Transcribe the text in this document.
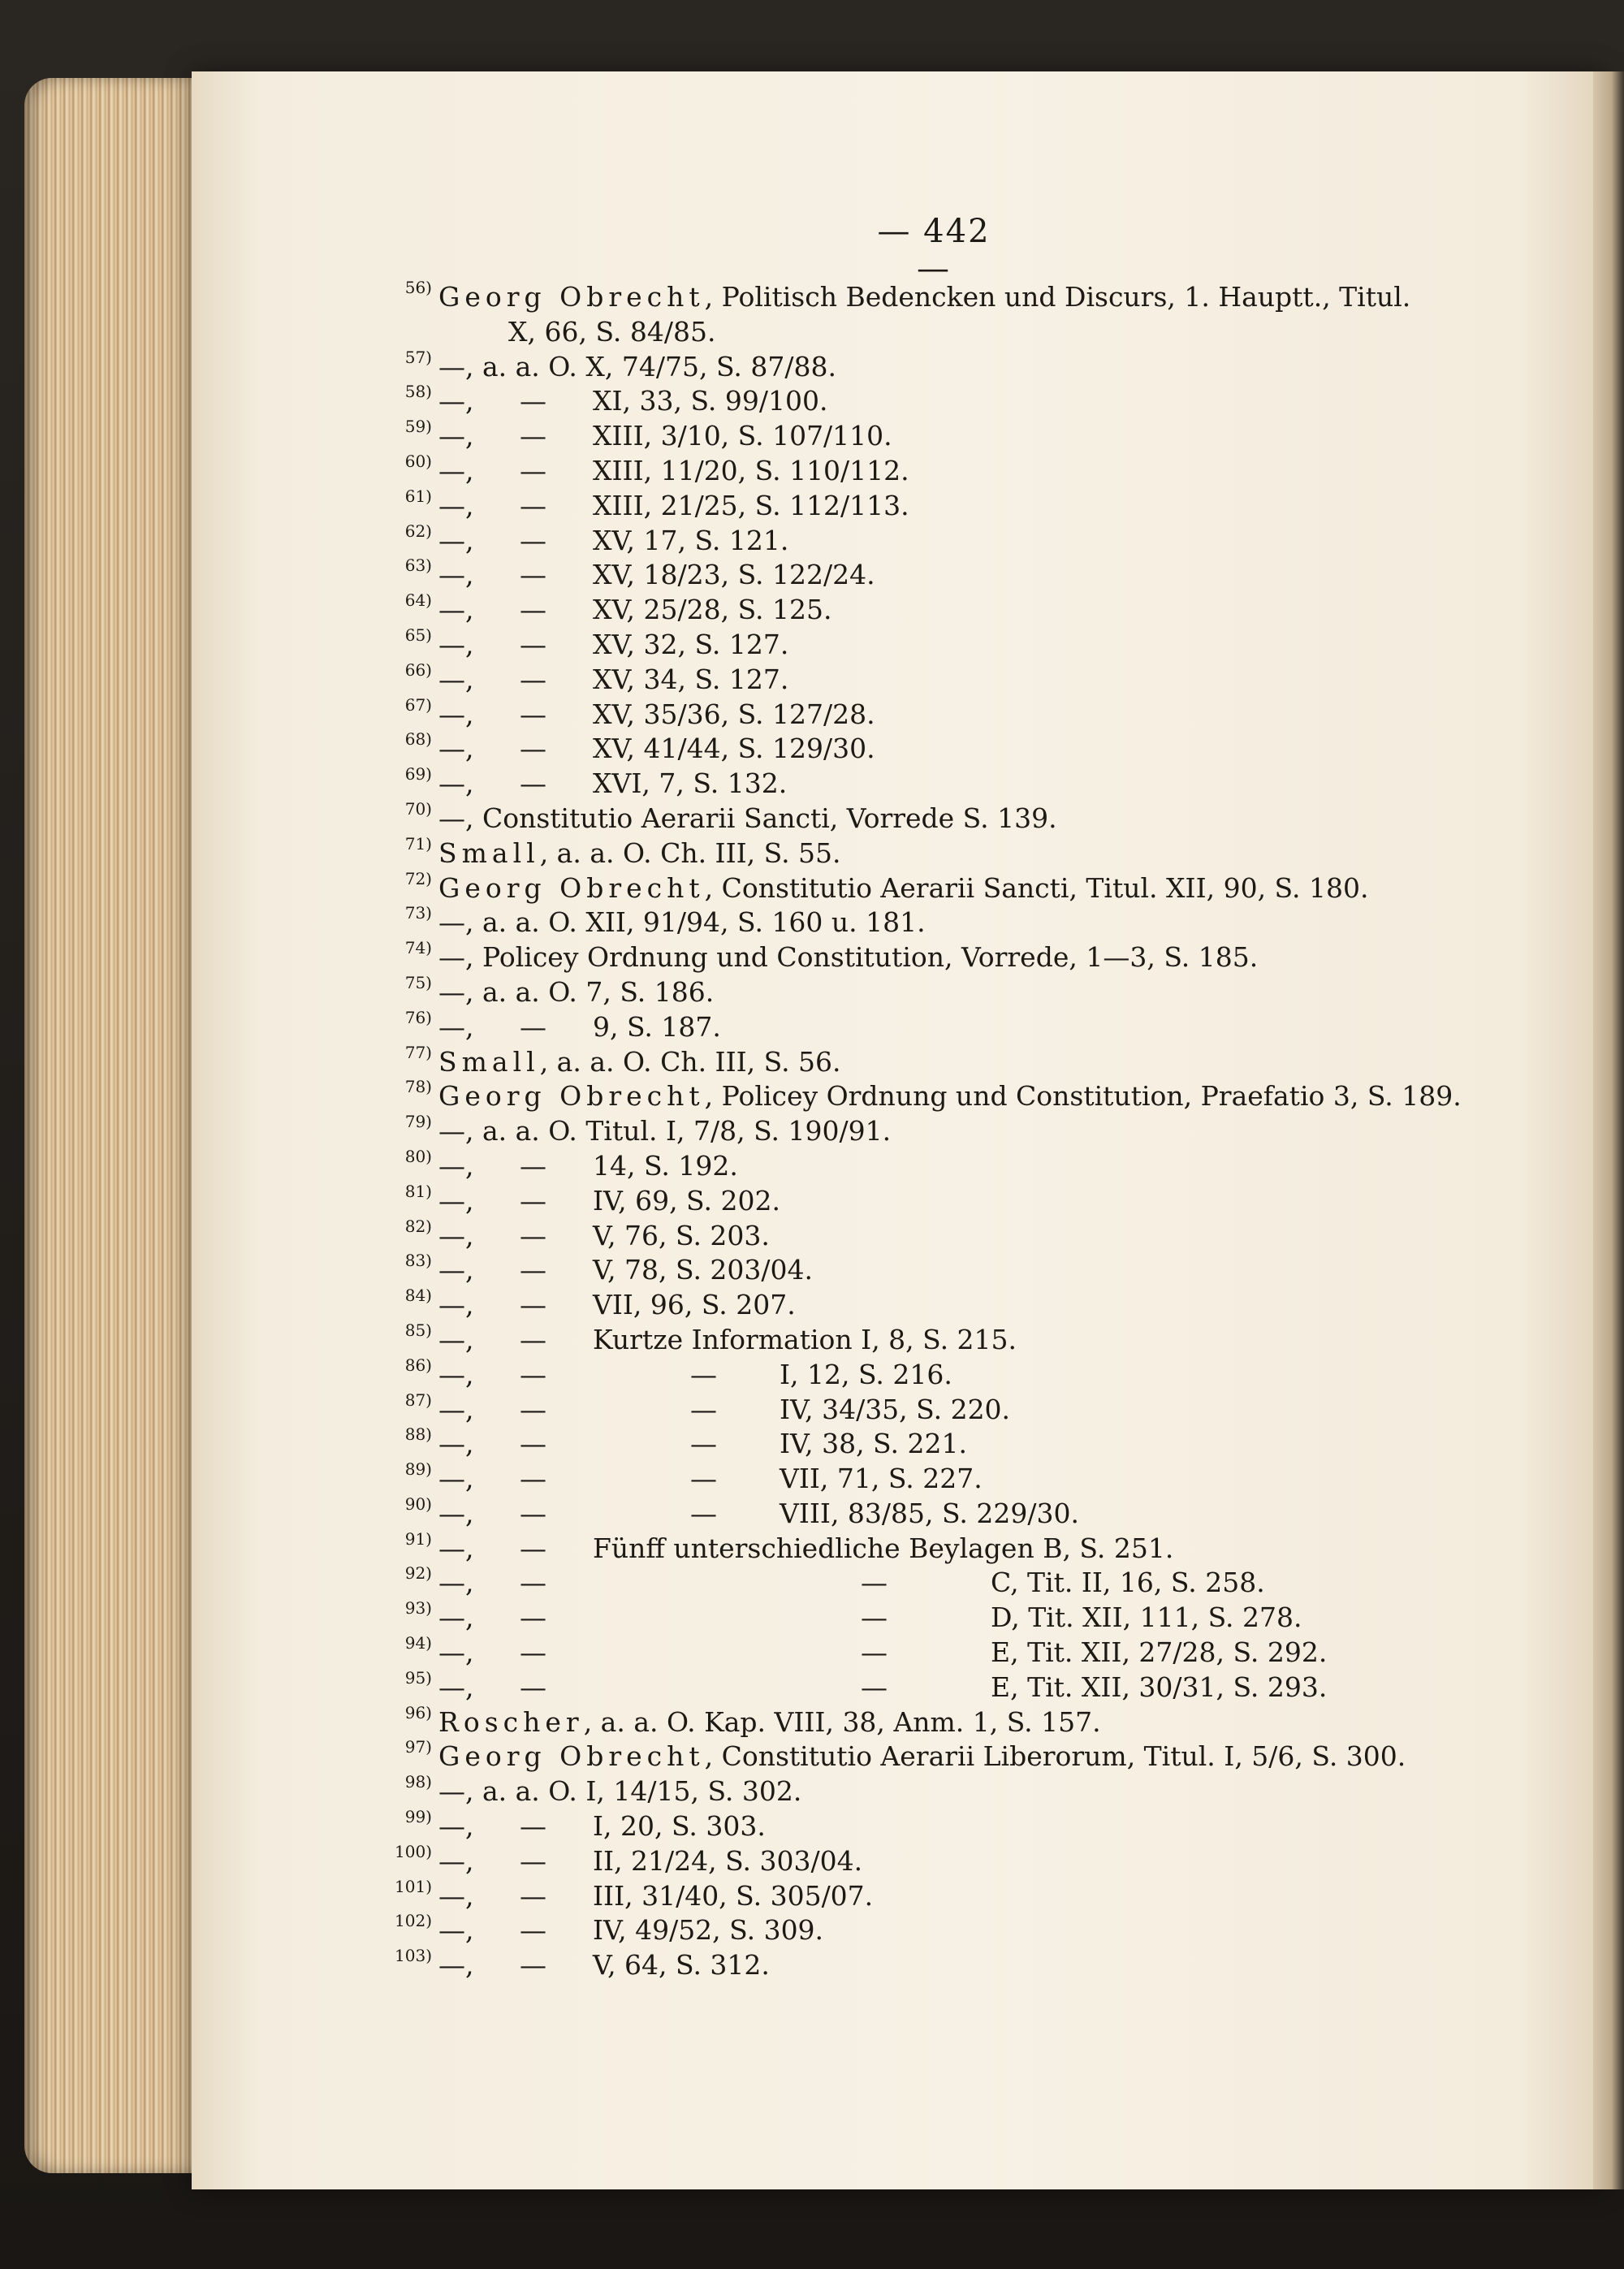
— 442 —
56) Georg Obrecht, Politisch Bedencken und Discurs, 1. Hauptt., Titul.
X, 66, S. 84/85.
57) —, a. a. O. X, 74/75, S. 87/88.
58) —, — XI, 33, S. 99/100.
59) —, — XIII, 3/10, S. 107/110.
60) —, — XIII, 11/20, S. 110/112.
61) —, — XIII, 21/25, S. 112/113.
62) —, — XV, 17, S. 121.
63) —, — XV, 18/23, S. 122/24.
64) —, — XV, 25/28, S. 125.
65) —, — XV, 32, S. 127.
66) —, — XV, 34, S. 127.
67) —, — XV, 35/36, S. 127/28.
68) —, — XV, 41/44, S. 129/30.
69) —, — XVI, 7, S. 132.
70) —, Constitutio Aerarii Sancti, Vorrede S. 139.
71) Small, a. a. O. Ch. III, S. 55.
72) Georg Obrecht, Constitutio Aerarii Sancti, Titul. XII, 90, S. 180.
73) —, a. a. O. XII, 91/94, S. 160 u. 181.
74) —, Policey Ordnung und Constitution, Vorrede, 1—3, S. 185.
75) —, a. a. O. 7, S. 186.
76) —, — 9, S. 187.
77) Small, a. a. O. Ch. III, S. 56.
78) Georg Obrecht, Policey Ordnung und Constitution, Praefatio 3, S. 189.
79) —, a. a. O. Titul. I, 7/8, S. 190/91.
80) —, — 14, S. 192.
81) —, — IV, 69, S. 202.
82) —, — V, 76, S. 203.
83) —, — V, 78, S. 203/04.
84) —, — VII, 96, S. 207.
85) —, — Kurtze Information I, 8, S. 215.
86) —, —	— I, 12, S. 216.
87) —, —	— IV, 34/35, S. 220.
88) —, —	— IV, 38, S. 221.
89) —, —	— VII, 71, S. 227.
90) —, —	— VIII, 83/85, S. 229/30.
91) —, — Fünff unterschiedliche Beylagen B, S. 251.
92) —, —	—	C, Tit. II, 16, S. 258.
93) —, —	—	D, Tit. XII, 111, S. 278.
94) —, —	—	E, Tit. XII, 27/28, S. 292.
95) —, —	—	E, Tit. XII, 30/31, S. 293.
96) Roscher, a. a. O. Kap. VIII, 38, Anm. 1, S. 157.
97) Georg Obrecht, Constitutio Aerarii Liberorum, Titul. I, 5/6, S. 300.
98) —, a. a. O. I, 14/15, S. 302.
99) —, — I, 20, S. 303.
100) —, — II, 21/24, S. 303/04.
101) —, — III, 31/40, S. 305/07.
102) —, — IV, 49/52, S. 309.
103) —, — V, 64, S. 312.
